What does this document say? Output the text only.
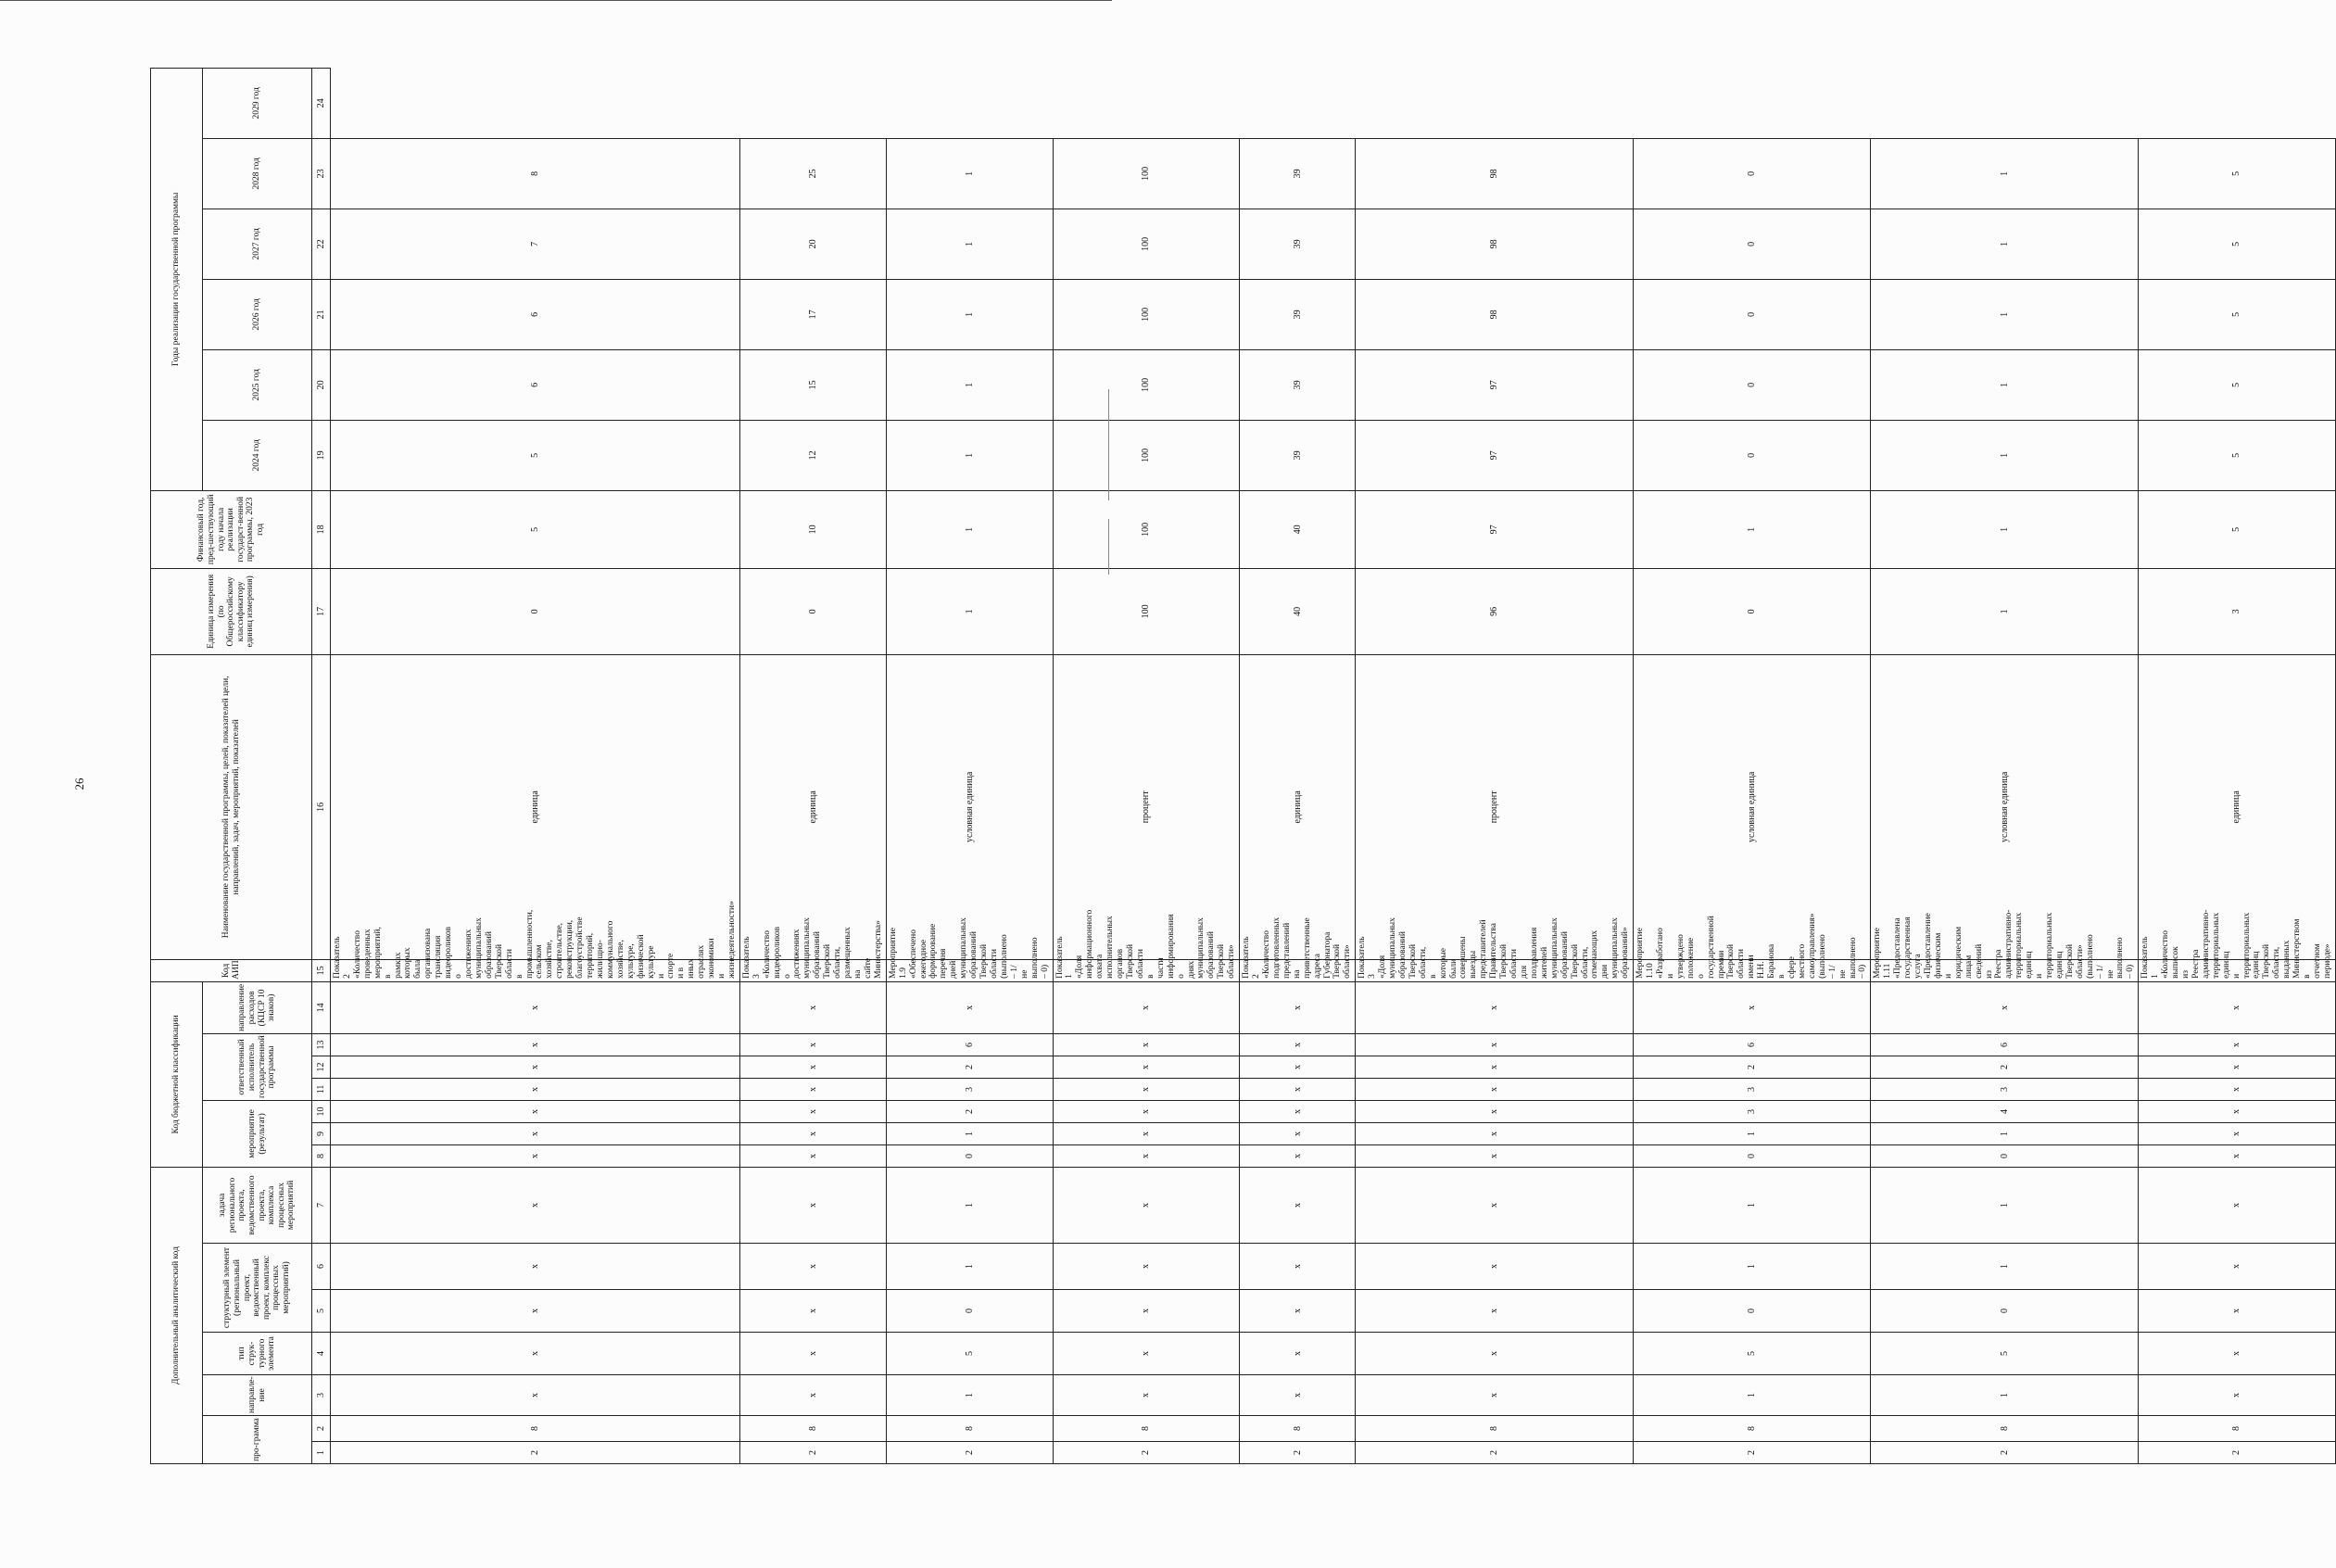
26
Дополнительный аналитический код							Код бюджетной классификации							Код АИП	Наименование государственной программы, целей, показателей цели, направлений, задач, мероприятий, показателей	Единица измерения (по Общероссийскому классификатору единиц измерения)	Финансовый год, пред-шествующий году начала реализации государст-венной программы, 2023 год	Годы реализации государственной программы					
про-грамма		направле-ние	тип струк-турного элемента	структурный элемент (региональный проект, ведомственный проект, комплекс процессных мероприятий)		задача регионального проекта, ведомственного проекта, комплекса процессных мероприятий	мероприятие (результат)			ответственный исполнитель государственной программы			направление расходов (КЦСР 10 знаков)					2024 год	2025 год	2026 год	2027 год	2028 год	2029 год

1	2	3	4	5	6	7	8	9	10	11	12	13	14	15	16	17	18	19	20	21	22	23	24
2	8	х	х	х	х	х	х	х	х	х	х	х	х	Показатель 2 «Количество проведенных мероприятий, в рамках которых была организована трансляция видеороликов о достижениях муниципальных образований Тверской области в промышленности, сельском хозяйстве, строительстве, реконструкции, благоустройстве территорий, жилищно-коммунального хозяйстве, культуре, физической культуре и спорте и в иных отраслях экономики и жизнедеятельности»	единица	0	5	5	6	6	7	8	
2	8	х	х	х	х	х	х	х	х	х	х	х	х	Показатель 3 «Количество видеороликов о достижениях муниципальных образований Тверской области, размещенных на сайте Министерства»	единица	0	10	12	15	17	20	25	
2	8	1	5	0	1	1	0	1	2	3	2	6	х	Мероприятие 1.9 «Обеспечено ежегодное формирование перечня дней муниципальных образований Тверской области (выполнено – 1/не выполнено – 0)	условная единица	1	1	1	1	1	1	1	
2	8	х	х	х	х	х	х	х	х	х	х	х	х	Показатель 1 «Доля информационного охвата исполнительных органов Тверской области в части информирования о днях муниципальных образований Тверской области»	процент	100	100	100	100	100	100	100	
2	8	х	х	х	х	х	х	х	х	х	х	х	х	Показатель 2 «Количество подготовленных представлений на приветственные адреса Губернатора Тверской области»	единица	40	40	39	39	39	39	39	
2	8	х	х	х	х	х	х	х	х	х	х	х	х	Показатель 3 «Доля муниципальных образований Тверской области, в которые были совершены выезды представителей Правительства Тверской области для поздравления жителей муниципальных образований Тверской области, отмечающих дни муниципальных образований»	процент	96	97	97	97	98	98	98	
2	8	1	5	0	1	1	0	1	3	3	2	6	х	Мероприятие 1.10 «Разработано и утверждено положение о государственной премии Тверской области имени Н.Н. Баранова в сфере местного самоуправления» (выполнено – 1/не выполнено – 0)	условная единица	0	1	0	0	0	0	0	
2	8	1	5	0	1	1	0	1	4	3	2	6	х	Мероприятие 1.11 «Предоставлена государственная услуга «Предоставление физическим и юридическим лицам сведений из Реестра административно-территориальных единиц и территориальных единиц Тверской области» (выполнено – 1/не выполнено – 0)	условная единица	1	1	1	1	1	1	1	
2	8	х	х	х	х	х	х	х	х	х	х	х	х	Показатель 1 «Количество выписок из Реестра административно-территориальных единиц и территориальных единиц Тверской области, выданных Министерством в отчетном периоде»	единица	3	5	5	5	5	5	5	
